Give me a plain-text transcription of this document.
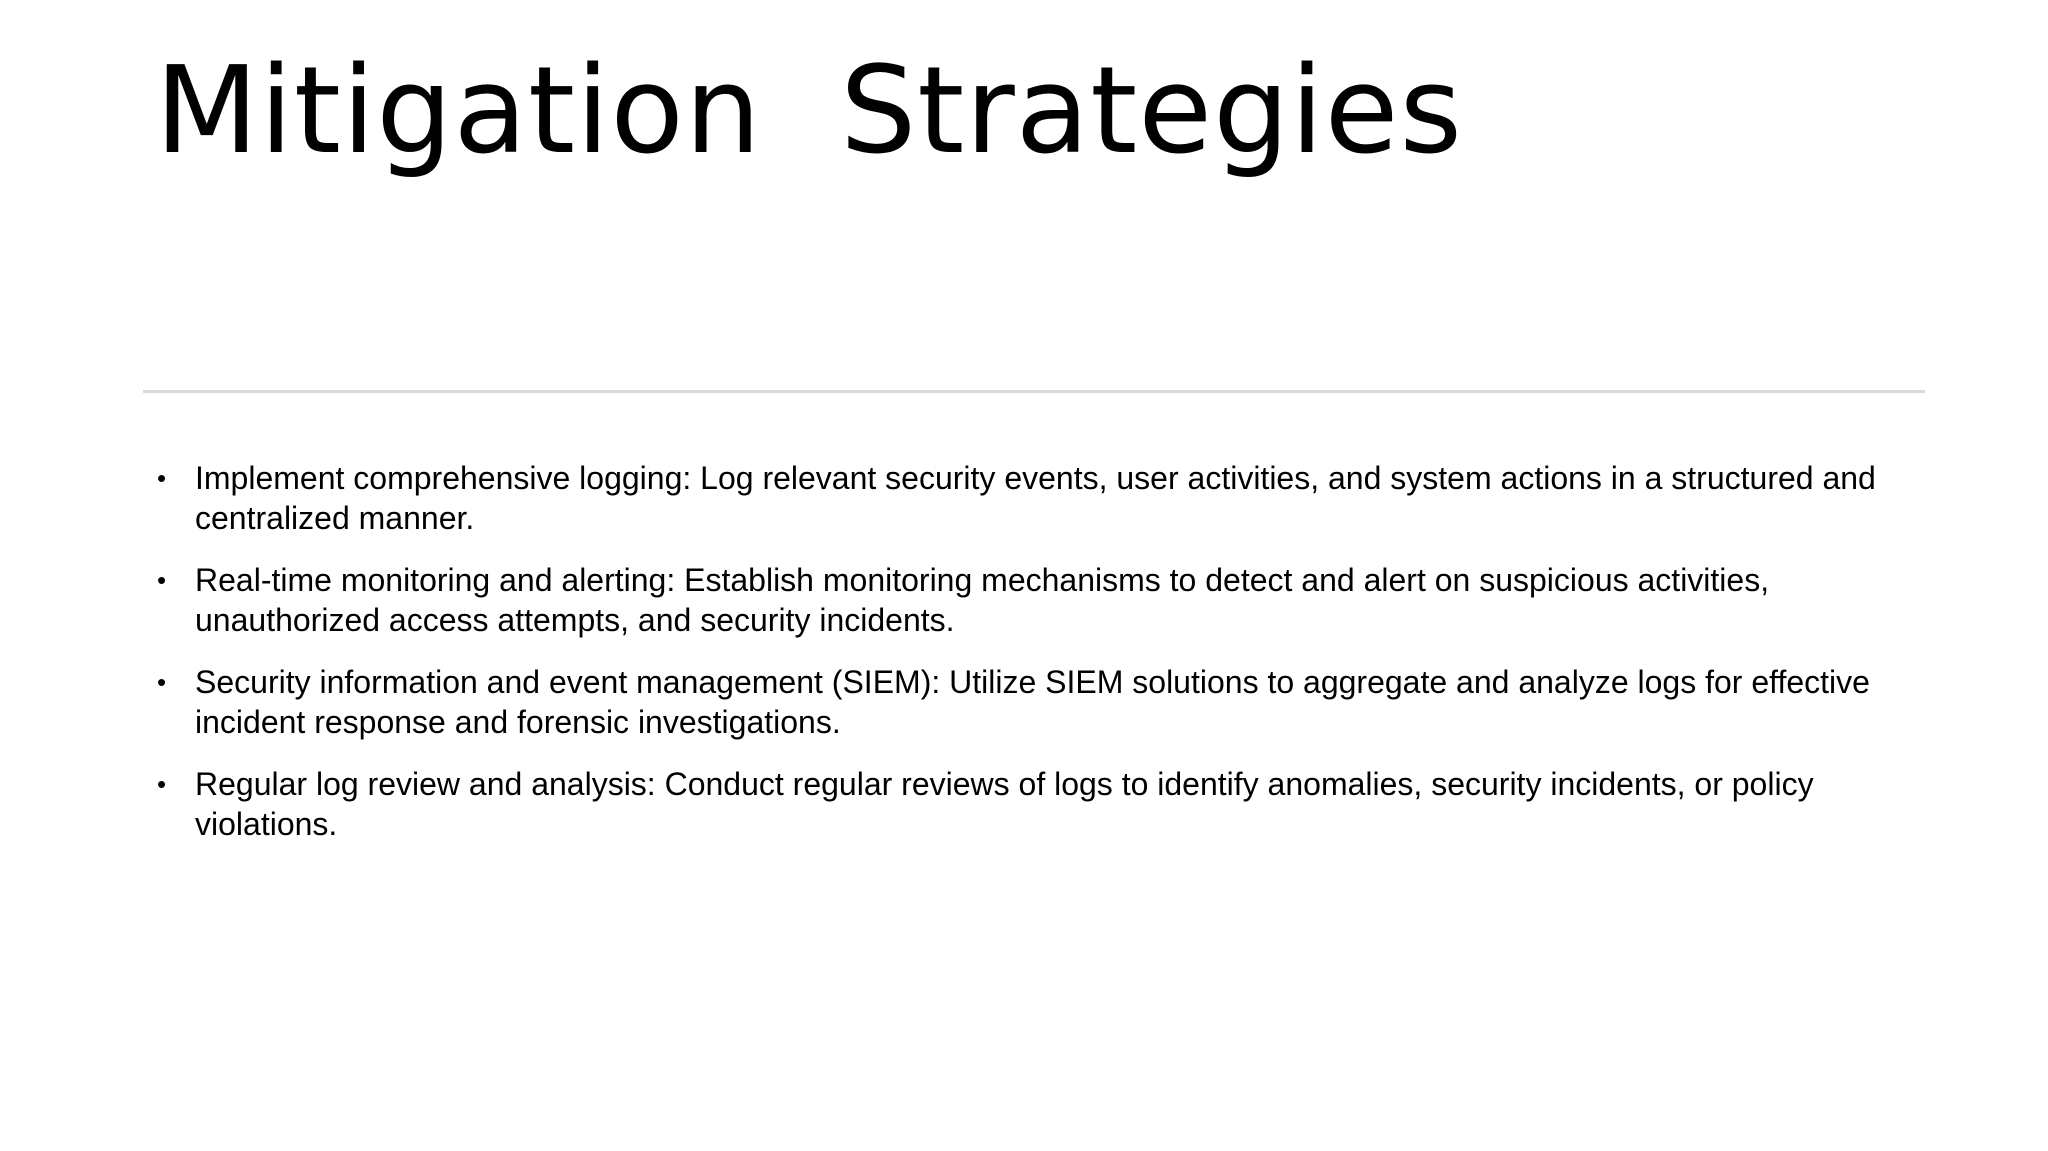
Mitigation  Strategies
• Implement comprehensive logging: Log relevant security events, user activities, and system actions in a structured and centralized manner.
• Real-time monitoring and alerting: Establish monitoring mechanisms to detect and alert on suspicious activities, unauthorized access attempts, and security incidents.
• Security information and event management (SIEM): Utilize SIEM solutions to aggregate and analyze logs for effective incident response and forensic investigations.
• Regular log review and analysis: Conduct regular reviews of logs to identify anomalies, security incidents, or policy violations.
